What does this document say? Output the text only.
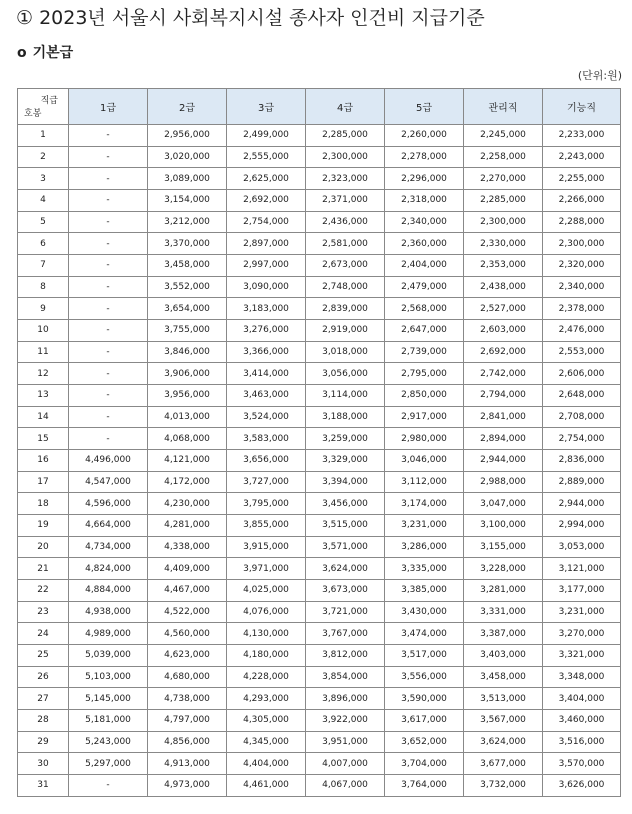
① 2023년 서울시 사회복지시설 종사자 인건비 지급기준
o 기본급
(단위:원)
직급
호봉	1급	2급	3급	4급	5급	관리직	기능직
1	-	2,956,000	2,499,000	2,285,000	2,260,000	2,245,000	2,233,000
2	-	3,020,000	2,555,000	2,300,000	2,278,000	2,258,000	2,243,000
3	-	3,089,000	2,625,000	2,323,000	2,296,000	2,270,000	2,255,000
4	-	3,154,000	2,692,000	2,371,000	2,318,000	2,285,000	2,266,000
5	-	3,212,000	2,754,000	2,436,000	2,340,000	2,300,000	2,288,000
6	-	3,370,000	2,897,000	2,581,000	2,360,000	2,330,000	2,300,000
7	-	3,458,000	2,997,000	2,673,000	2,404,000	2,353,000	2,320,000
8	-	3,552,000	3,090,000	2,748,000	2,479,000	2,438,000	2,340,000
9	-	3,654,000	3,183,000	2,839,000	2,568,000	2,527,000	2,378,000
10	-	3,755,000	3,276,000	2,919,000	2,647,000	2,603,000	2,476,000
11	-	3,846,000	3,366,000	3,018,000	2,739,000	2,692,000	2,553,000
12	-	3,906,000	3,414,000	3,056,000	2,795,000	2,742,000	2,606,000
13	-	3,956,000	3,463,000	3,114,000	2,850,000	2,794,000	2,648,000
14	-	4,013,000	3,524,000	3,188,000	2,917,000	2,841,000	2,708,000
15	-	4,068,000	3,583,000	3,259,000	2,980,000	2,894,000	2,754,000
16	4,496,000	4,121,000	3,656,000	3,329,000	3,046,000	2,944,000	2,836,000
17	4,547,000	4,172,000	3,727,000	3,394,000	3,112,000	2,988,000	2,889,000
18	4,596,000	4,230,000	3,795,000	3,456,000	3,174,000	3,047,000	2,944,000
19	4,664,000	4,281,000	3,855,000	3,515,000	3,231,000	3,100,000	2,994,000
20	4,734,000	4,338,000	3,915,000	3,571,000	3,286,000	3,155,000	3,053,000
21	4,824,000	4,409,000	3,971,000	3,624,000	3,335,000	3,228,000	3,121,000
22	4,884,000	4,467,000	4,025,000	3,673,000	3,385,000	3,281,000	3,177,000
23	4,938,000	4,522,000	4,076,000	3,721,000	3,430,000	3,331,000	3,231,000
24	4,989,000	4,560,000	4,130,000	3,767,000	3,474,000	3,387,000	3,270,000
25	5,039,000	4,623,000	4,180,000	3,812,000	3,517,000	3,403,000	3,321,000
26	5,103,000	4,680,000	4,228,000	3,854,000	3,556,000	3,458,000	3,348,000
27	5,145,000	4,738,000	4,293,000	3,896,000	3,590,000	3,513,000	3,404,000
28	5,181,000	4,797,000	4,305,000	3,922,000	3,617,000	3,567,000	3,460,000
29	5,243,000	4,856,000	4,345,000	3,951,000	3,652,000	3,624,000	3,516,000
30	5,297,000	4,913,000	4,404,000	4,007,000	3,704,000	3,677,000	3,570,000
31	-	4,973,000	4,461,000	4,067,000	3,764,000	3,732,000	3,626,000
